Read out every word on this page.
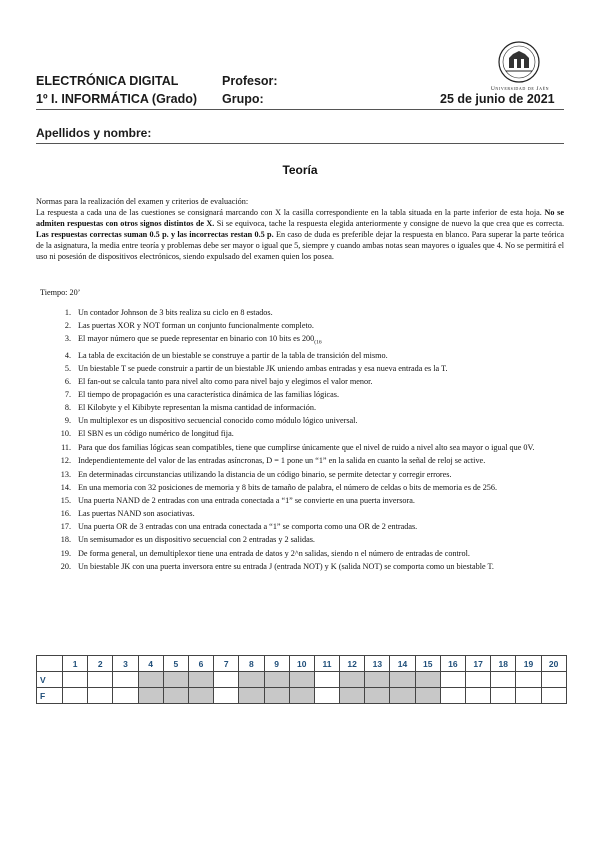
ELECTRÓNICA DIGITAL
1º I. INFORMÁTICA (Grado)
Profesor:
Grupo:	25 de junio de 2021
Universidad de Jaén
Apellidos y nombre:
Teoría
Normas para la realización del examen y criterios de evaluación:
La respuesta a cada una de las cuestiones se consignará marcando con X la casilla correspondiente en la tabla situada en la parte inferior de esta hoja. No se admiten respuestas con otros signos distintos de X. Si se equivoca, tache la respuesta elegida anteriormente y consigne de nuevo la que crea que es correcta. Las respuestas correctas suman 0.5 p. y las incorrectas restan 0.5 p. En caso de duda es preferible dejar la respuesta en blanco. Para superar la parte teórica de la asignatura, la media entre teoría y problemas debe ser mayor o igual que 5, siempre y cuando ambas notas sean mayores o iguales que 4. No se permitirá el uso ni posesión de dispositivos electrónicos, siendo expulsado del examen quien los posea.
Tiempo: 20’
1. Un contador Johnson de 3 bits realiza su ciclo en 8 estados.
2. Las puertas XOR y NOT forman un conjunto funcionalmente completo.
3. El mayor número que se puede representar en binario con 10 bits es $200_{(16}$
4. La tabla de excitación de un biestable se construye a partir de la tabla de transición del mismo.
5. Un biestable T se puede construir a partir de un biestable JK uniendo ambas entradas y esa nueva entrada es la T.
6. El fan-out se calcula tanto para nivel alto como para nivel bajo y elegimos el valor menor.
7. El tiempo de propagación es una característica dinámica de las familias lógicas.
8. El Kilobyte y el Kibibyte representan la misma cantidad de información.
9. Un multiplexor es un dispositivo secuencial conocido como módulo lógico universal.
10. El SBN es un código numérico de longitud fija.
11. Para que dos familias lógicas sean compatibles, tiene que cumplirse únicamente que el nivel de ruido a nivel alto sea mayor o igual que 0V.
12. Independientemente del valor de las entradas asíncronas, D = 1 pone un “1” en la salida en cuanto la señal de reloj se active.
13. En determinadas circunstancias utilizando la distancia de un código binario, se permite detectar y corregir errores.
14. En una memoria con 32 posiciones de memoria y 8 bits de tamaño de palabra, el número de celdas o bits de memoria es de 256.
15. Una puerta NAND de 2 entradas con una entrada conectada a “1” se convierte en una puerta inversora.
16. Las puertas NAND son asociativas.
17. Una puerta OR de 3 entradas con una entrada conectada a “1” se comporta como una OR de 2 entradas.
18. Un semisumador es un dispositivo secuencial con 2 entradas y 2 salidas.
19. De forma general, un demultiplexor tiene una entrada de datos y 2^n salidas, siendo n el número de entradas de control.
20. Un biestable JK con una puerta inversora entre su entrada J (entrada NOT) y K (salida NOT) se comporta como un biestable T.
	1	2	3	4	5	6	7	8	9	10	11	12	13	14	15	16	17	18	19	20
V																				
F																				
